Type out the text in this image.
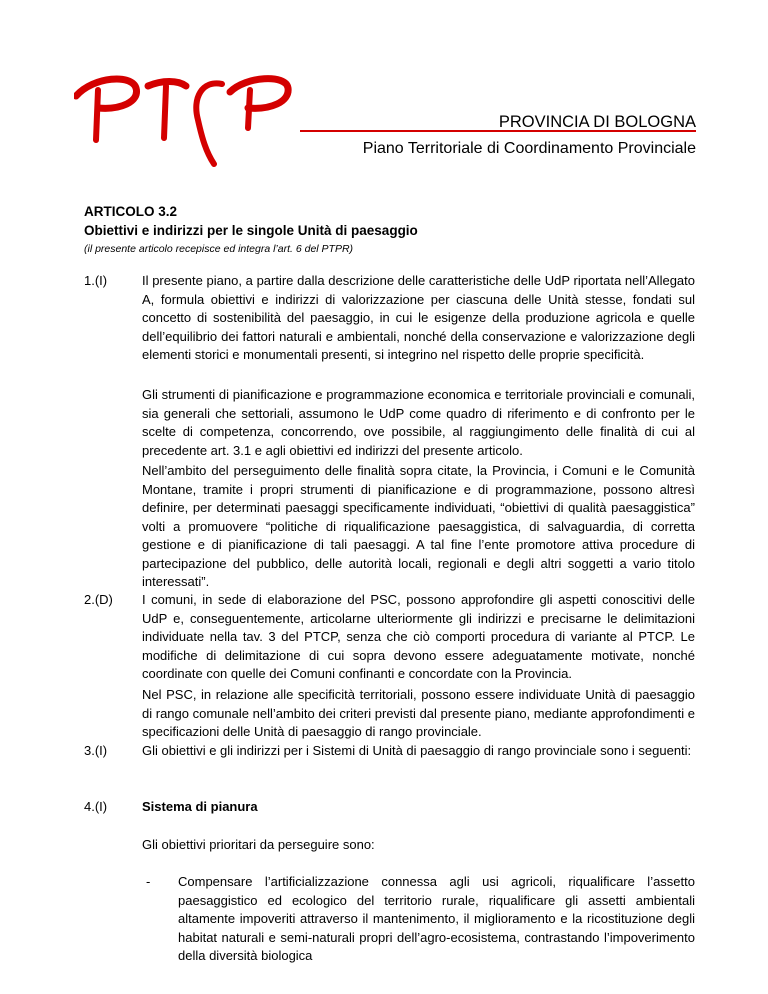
PROVINCIA DI BOLOGNA
Piano Territoriale di Coordinamento Provinciale
ARTICOLO 3.2
Obiettivi e indirizzi per le singole Unità di paesaggio
(il presente articolo recepisce ed integra l’art. 6 del PTPR)
1.(I)	Il presente piano, a partire dalla descrizione delle caratteristiche delle UdP riportata nell’Allegato A, formula obiettivi e indirizzi di valorizzazione per ciascuna delle Unità stesse, fondati sul concetto di sostenibilità del paesaggio, in cui le esigenze della produzione agricola e quelle dell’equilibrio dei fattori naturali e ambientali, nonché della conservazione e valorizzazione degli elementi storici e monumentali presenti, si integrino nel rispetto delle proprie specificità.

Gli strumenti di pianificazione e programmazione economica e territoriale provinciali e comunali, sia generali che settoriali, assumono le UdP come quadro di riferimento e di confronto per le scelte di competenza, concorrendo, ove possibile, al raggiungimento delle finalità di cui al precedente art. 3.1 e agli obiettivi ed indirizzi del presente articolo.

Nell’ambito del perseguimento delle finalità sopra citate, la Provincia, i Comuni e le Comunità Montane, tramite i propri strumenti di pianificazione e di programmazione, possono altresì definire, per determinati paesaggi specificamente individuati, “obiettivi di qualità paesaggistica” volti a promuovere “politiche di riqualificazione paesaggistica, di salvaguardia, di corretta gestione e di pianificazione di tali paesaggi. A tal fine l’ente promotore attiva procedure di partecipazione del pubblico, delle autorità locali, regionali e degli altri soggetti a vario titolo interessati”.

2.(D) I comuni, in sede di elaborazione del PSC, possono approfondire gli aspetti conoscitivi delle UdP e, conseguentemente, articolarne ulteriormente gli indirizzi e precisarne le delimitazioni individuate nella tav. 3 del PTCP, senza che ciò comporti procedura di variante al PTCP. Le modifiche di delimitazione di cui sopra devono essere adeguatamente motivate, nonché coordinate con quelle dei Comuni confinanti e concordate con la Provincia.

Nel PSC, in relazione alle specificità territoriali, possono essere individuate Unità di paesaggio di rango comunale nell’ambito dei criteri previsti dal presente piano, mediante approfondimenti e specificazioni delle Unità di paesaggio di rango provinciale.

3.(I)	Gli obiettivi e gli indirizzi per i Sistemi di Unità di paesaggio di rango provinciale sono i seguenti:

4.(I)	Sistema di pianura

Gli obiettivi prioritari da perseguire sono:

- Compensare l’artificializzazione connessa agli usi agricoli, riqualificare l’assetto paesaggistico ed ecologico del territorio rurale, riqualificare gli assetti ambientali altamente impoveriti attraverso il mantenimento, il miglioramento e la ricostituzione degli habitat naturali e semi-naturali propri dell’agro-ecosistema, contrastando l’impoverimento della diversità biologica
